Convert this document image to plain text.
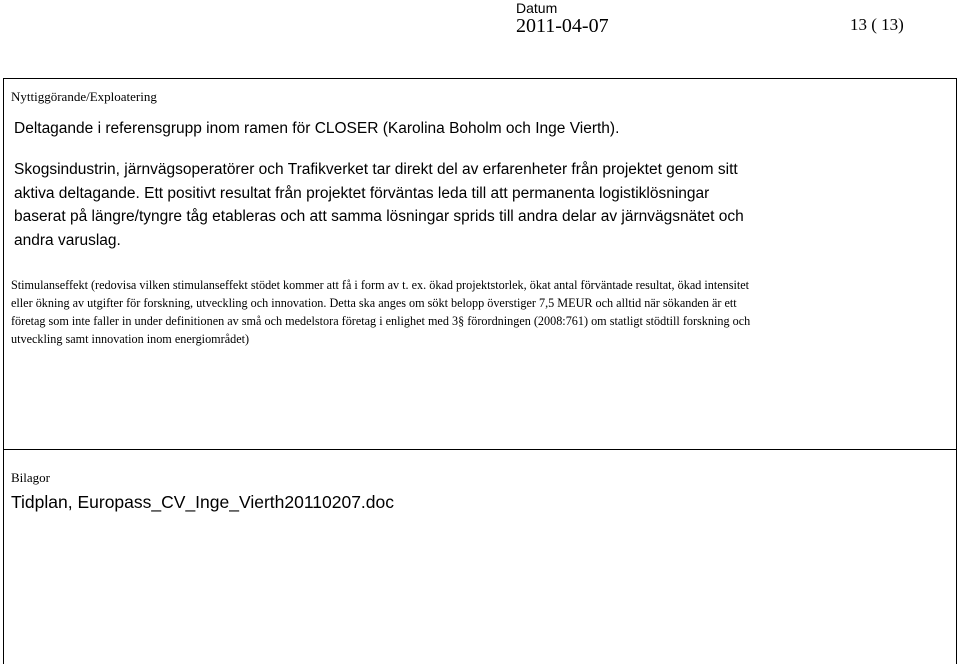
Datum
2011-04-07	13 ( 13)
Nyttiggörande/Exploatering

Deltagande i referensgrupp inom ramen för CLOSER (Karolina Boholm och Inge Vierth).

Skogsindustrin, järnvägsoperatörer och Trafikverket tar direkt del av erfarenheter från projektet genom sitt

aktiva deltagande. Ett positivt resultat från projektet förväntas leda till att permanenta logistiklösningar

baserat på längre/tyngre tåg etableras och att samma lösningar sprids till andra delar av järnvägsnätet och

andra varuslag.

Stimulanseffekt (redovisa vilken stimulanseffekt stödet kommer att få i form av t. ex. ökad projektstorlek, ökat antal förväntade resultat, ökad intensitet

eller ökning av utgifter för forskning, utveckling och innovation. Detta ska anges om sökt belopp överstiger 7,5 MEUR och alltid när sökanden är ett

företag som inte faller in under definitionen av små och medelstora företag i enlighet med 3§ förordningen (2008:761) om statligt stödtill forskning och

utveckling samt innovation inom energiområdet)

Bilagor
Tidplan, Europass_CV_Inge_Vierth20110207.doc
